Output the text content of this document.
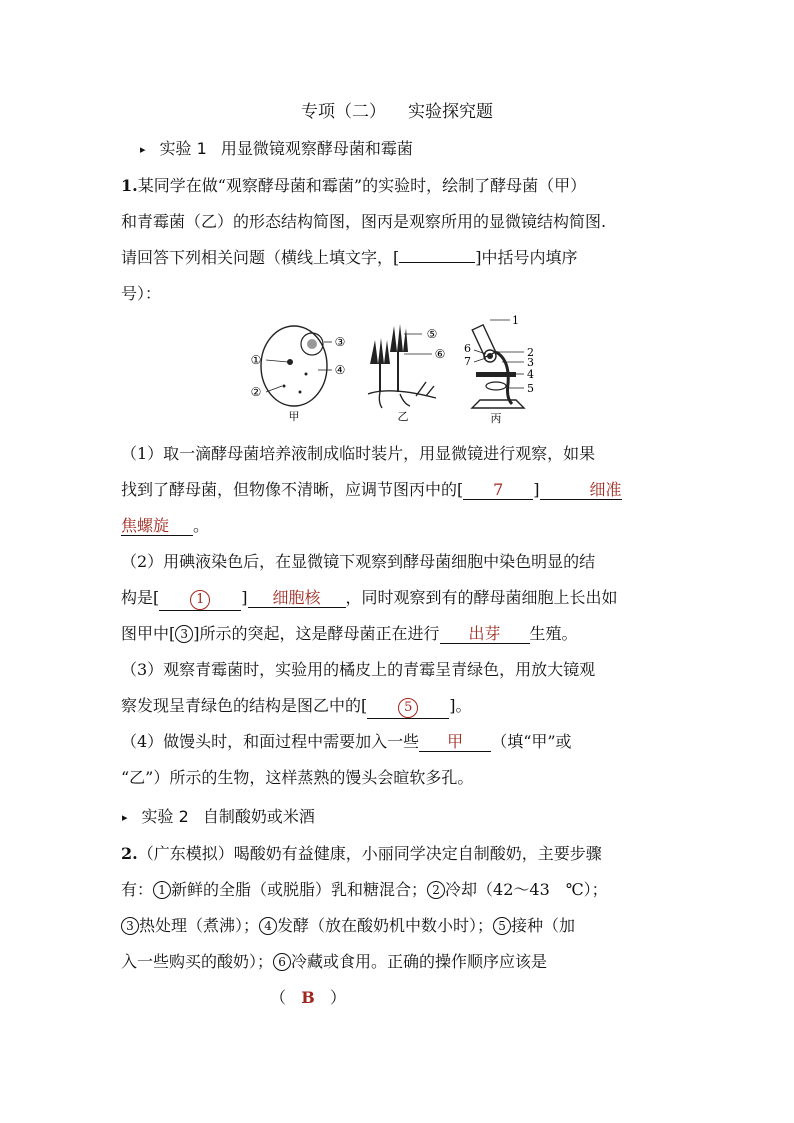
专项（二） 实验探究题
▸ 实验 1 用显微镜观察酵母菌和霉菌
1.某同学在做“观察酵母菌和霉菌”的实验时，绘制了酵母菌（甲）
和青霉菌（乙）的形态结构简图，图丙是观察所用的显微镜结构简图.
请回答下列相关问题（横线上填文字，[	]中括号内填序
号）：
①
②
③
④
甲
⑤
⑥
乙
1
2
3
4
5
6
7
丙
（1）取一滴酵母菌培养液制成临时装片，用显微镜进行观察，如果
找到了酵母菌，但物像不清晰，应调节图丙中的[ 7 ]	细准
焦螺旋 。
（2）用碘液染色后，在显微镜下观察到酵母菌细胞中染色明显的结
构是[	1 ] 细胞核 ，同时观察到有的酵母菌细胞上长出如
图甲中[ 3 ]所示的突起，这是酵母菌正在进行 出芽 生殖。
（3）观察青霉菌时，实验用的橘皮上的青霉呈青绿色，用放大镜观
察发现呈青绿色的结构是图乙中的[	5 ]。
（4）做馒头时，和面过程中需要加入一些 甲 （填“甲”或
“乙”）所示的生物，这样蒸熟的馒头会暄软多孔。
▸ 实验 2 自制酸奶或米酒
2.（广东模拟）喝酸奶有益健康，小丽同学决定自制酸奶，主要步骤
有： 1 新鲜的全脂（或脱脂）乳和糖混合； 2 冷却（42～43　℃）；
3 热处理（煮沸）； 4 发酵（放在酸奶机中数小时）； 5 接种（加
入一些购买的酸奶）； 6 冷藏或食用。正确的操作顺序应该是
（ B ）
